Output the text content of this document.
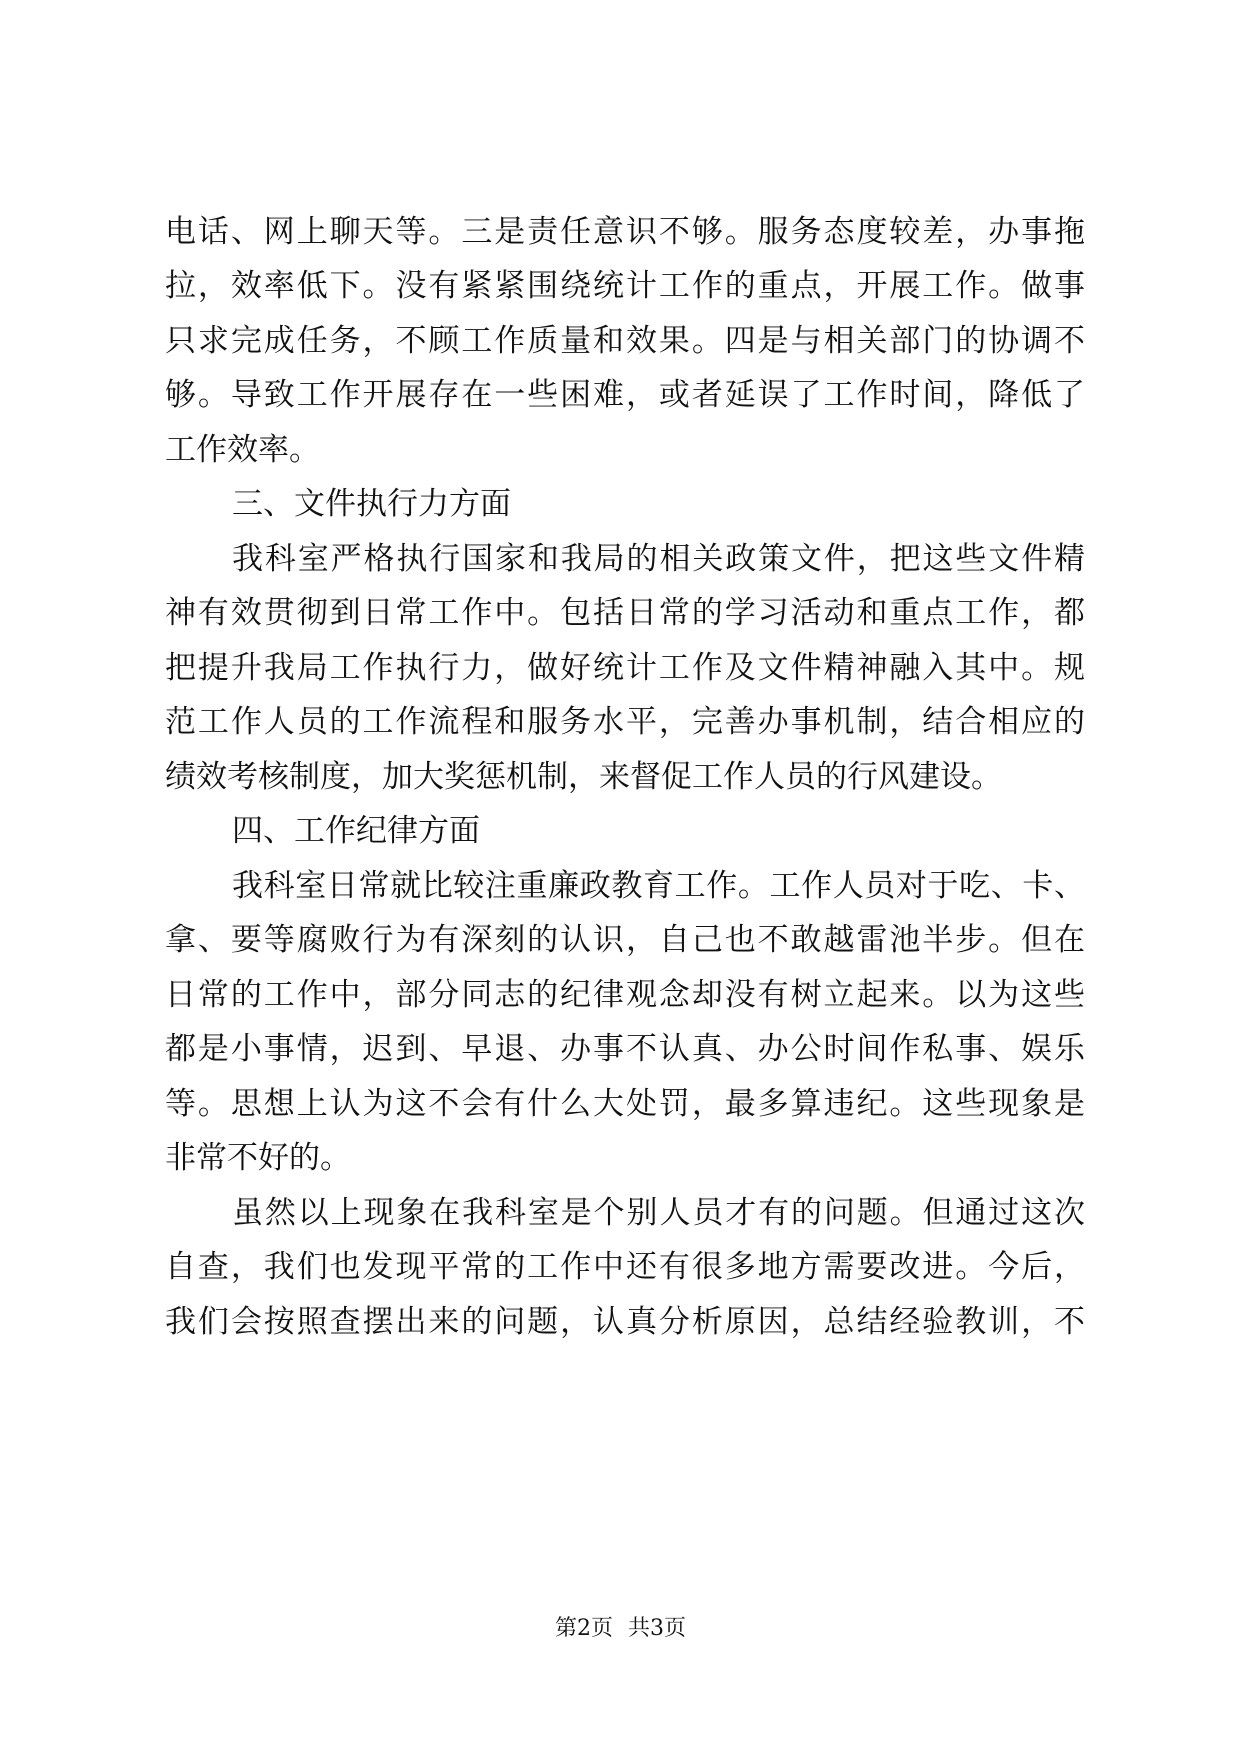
电话、网上聊天等。三是责任意识不够。服务态度较差，办事拖
拉，效率低下。没有紧紧围绕统计工作的重点，开展工作。做事
只求完成任务，不顾工作质量和效果。四是与相关部门的协调不
够。导致工作开展存在一些困难，或者延误了工作时间，降低了
工作效率。
三、文件执行力方面
我科室严格执行国家和我局的相关政策文件，把这些文件精
神有效贯彻到日常工作中。包括日常的学习活动和重点工作，都
把提升我局工作执行力，做好统计工作及文件精神融入其中。规
范工作人员的工作流程和服务水平，完善办事机制，结合相应的
绩效考核制度，加大奖惩机制，来督促工作人员的行风建设。
四、工作纪律方面
我科室日常就比较注重廉政教育工作。工作人员对于吃、卡、
拿、要等腐败行为有深刻的认识，自己也不敢越雷池半步。但在
日常的工作中，部分同志的纪律观念却没有树立起来。以为这些
都是小事情，迟到、早退、办事不认真、办公时间作私事、娱乐
等。思想上认为这不会有什么大处罚，最多算违纪。这些现象是
非常不好的。
虽然以上现象在我科室是个别人员才有的问题。但通过这次
自查，我们也发现平常的工作中还有很多地方需要改进。今后，
我们会按照查摆出来的问题，认真分析原因，总结经验教训，不
第2页 共3页
